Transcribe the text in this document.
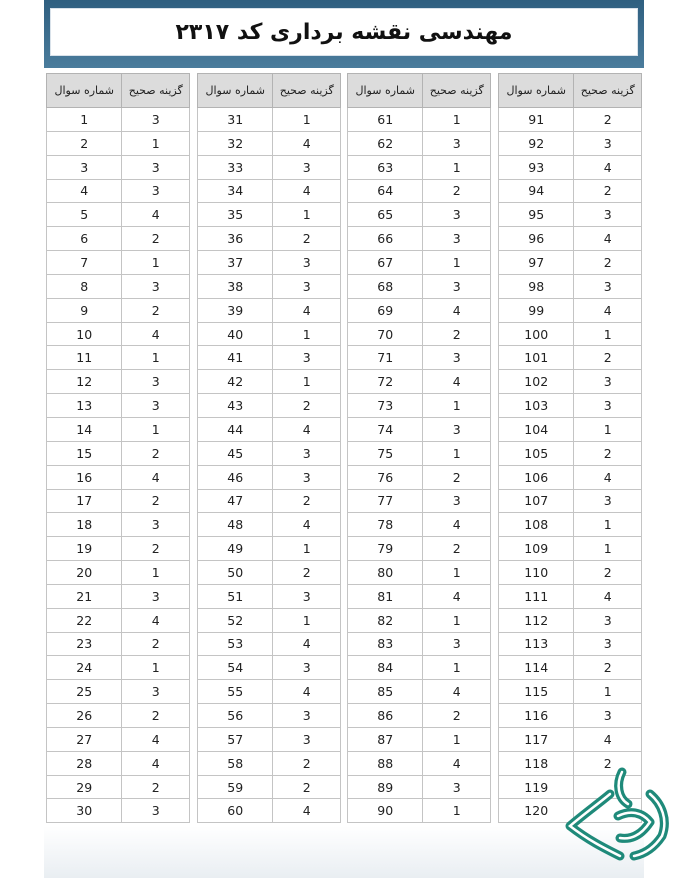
مهندسی نقشه برداری کد ۲۳۱۷
شماره سوال	گزینه صحیح
1	3
2	1
3	3
4	3
5	4
6	2
7	1
8	3
9	2
10	4
11	1
12	3
13	3
14	1
15	2
16	4
17	2
18	3
19	2
20	1
21	3
22	4
23	2
24	1
25	3
26	2
27	4
28	4
29	2
30	3
شماره سوال	گزینه صحیح
31	1
32	4
33	3
34	4
35	1
36	2
37	3
38	3
39	4
40	1
41	3
42	1
43	2
44	4
45	3
46	3
47	2
48	4
49	1
50	2
51	3
52	1
53	4
54	3
55	4
56	3
57	3
58	2
59	2
60	4
شماره سوال	گزینه صحیح
61	1
62	3
63	1
64	2
65	3
66	3
67	1
68	3
69	4
70	2
71	3
72	4
73	1
74	3
75	1
76	2
77	3
78	4
79	2
80	1
81	4
82	1
83	3
84	1
85	4
86	2
87	1
88	4
89	3
90	1
شماره سوال	گزینه صحیح
91	2
92	3
93	4
94	2
95	3
96	4
97	2
98	3
99	4
100	1
101	2
102	3
103	3
104	1
105	2
106	4
107	3
108	1
109	1
110	2
111	4
112	3
113	3
114	2
115	1
116	3
117	4
118	2
119	
120	
